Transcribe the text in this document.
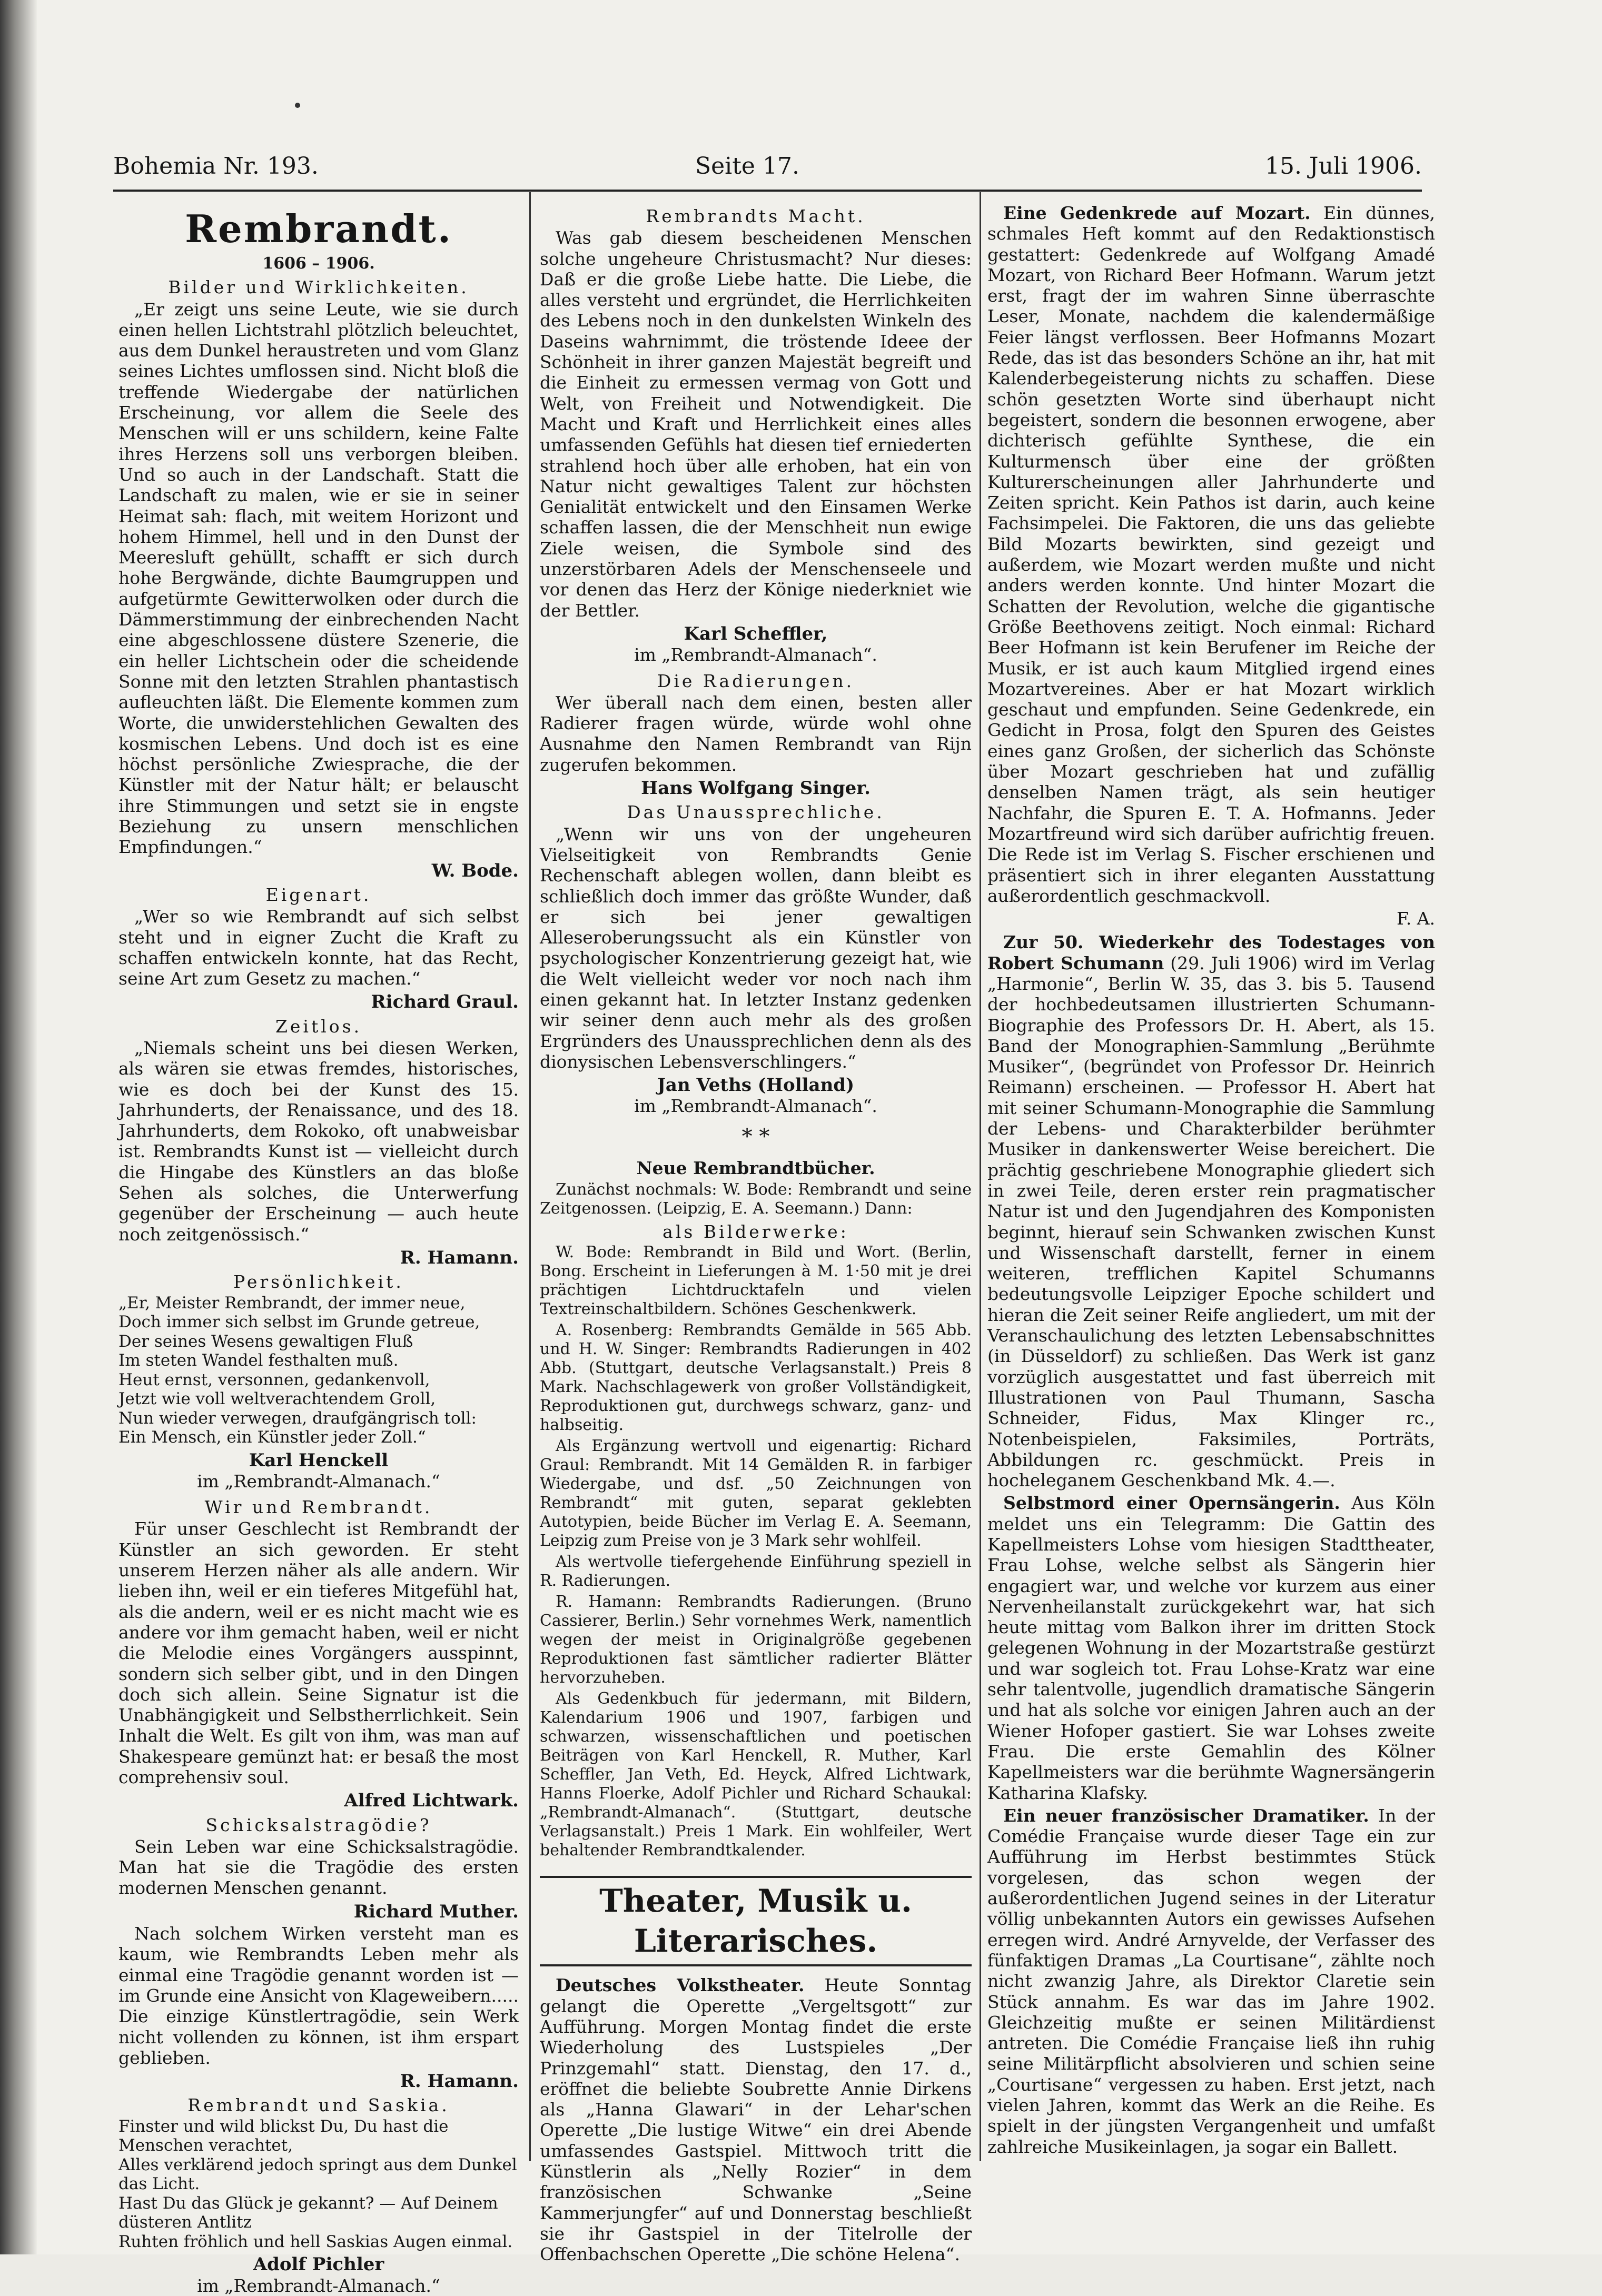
Bohemia Nr. 193.	Seite 17.	15. Juli 1906.
Rembrandt.
1606 – 1906.
Bilder und Wirklichkeiten.

„Er zeigt uns seine Leute, wie sie durch einen hellen Lichtstrahl plötzlich beleuchtet, aus dem Dunkel heraustreten und vom Glanz seines Lichtes umflossen sind. Nicht bloß die treffende Wiedergabe der natürlichen Erscheinung, vor allem die Seele des Menschen will er uns schildern, keine Falte ihres Herzens soll uns verborgen bleiben. Und so auch in der Landschaft. Statt die Landschaft zu malen, wie er sie in seiner Heimat sah: flach, mit weitem Horizont und hohem Himmel, hell und in den Dunst der Meeresluft gehüllt, schafft er sich durch hohe Bergwände, dichte Baumgruppen und aufgetürmte Gewitterwolken oder durch die Dämmerstimmung der einbrechenden Nacht eine abgeschlossene düstere Szenerie, die ein heller Lichtschein oder die scheidende Sonne mit den letzten Strahlen phantastisch aufleuchten läßt. Die Elemente kommen zum Worte, die unwiderstehlichen Gewalten des kosmischen Lebens. Und doch ist es eine höchst persönliche Zwiesprache, die der Künstler mit der Natur hält; er belauscht ihre Stimmungen und setzt sie in engste Beziehung zu unsern menschlichen Empfindungen.“

W. Bode.
Eigenart.

„Wer so wie Rembrandt auf sich selbst steht und in eigner Zucht die Kraft zu schaffen entwickeln konnte, hat das Recht, seine Art zum Gesetz zu machen.“

Richard Graul.
Zeitlos.

„Niemals scheint uns bei diesen Werken, als wären sie etwas fremdes, historisches, wie es doch bei der Kunst des 15. Jahrhunderts, der Renaissance, und des 18. Jahrhunderts, dem Rokoko, oft unabweisbar ist. Rembrandts Kunst ist — vielleicht durch die Hingabe des Künstlers an das bloße Sehen als solches, die Unterwerfung gegenüber der Erscheinung — auch heute noch zeitgenössisch.“

R. Hamann.
Persönlichkeit.
„Er, Meister Rembrandt, der immer neue,
Doch immer sich selbst im Grunde getreue,
Der seines Wesens gewaltigen Fluß
Im steten Wandel festhalten muß.
Heut ernst, versonnen, gedankenvoll,
Jetzt wie voll weltverachtendem Groll,
Nun wieder verwegen, draufgängrisch toll:
Ein Mensch, ein Künstler jeder Zoll.“
Karl Henckell
im „Rembrandt-Almanach.“
Wir und Rembrandt.

Für unser Geschlecht ist Rembrandt der Künstler an sich geworden. Er steht unserem Herzen näher als alle andern. Wir lieben ihn, weil er ein tieferes Mitgefühl hat, als die andern, weil er es nicht macht wie es andere vor ihm gemacht haben, weil er nicht die Melodie eines Vorgängers ausspinnt, sondern sich selber gibt, und in den Dingen doch sich allein. Seine Signatur ist die Unabhängigkeit und Selbstherrlichkeit. Sein Inhalt die Welt. Es gilt von ihm, was man auf Shakespeare gemünzt hat: er besaß the most comprehensiv soul.

Alfred Lichtwark.
Schicksalstragödie?

Sein Leben war eine Schicksalstragödie. Man hat sie die Tragödie des ersten modernen Menschen genannt.

Richard Muther.

Nach solchem Wirken versteht man es kaum, wie Rembrandts Leben mehr als einmal eine Tragödie genannt worden ist — im Grunde eine Ansicht von Klageweibern..... Die einzige Künstlertragödie, sein Werk nicht vollenden zu können, ist ihm erspart geblieben.

R. Hamann.
Rembrandt und Saskia.
Finster und wild blickst Du, Du hast die Menschen verachtet,
Alles verklärend jedoch springt aus dem Dunkel das Licht.
Hast Du das Glück je gekannt? — Auf Deinem düsteren Antlitz
Ruhten fröhlich und hell Saskias Augen einmal.
Adolf Pichler
im „Rembrandt-Almanach.“
Rembrandts Macht.

Was gab diesem bescheidenen Menschen solche ungeheure Christusmacht? Nur dieses: Daß er die große Liebe hatte. Die Liebe, die alles versteht und ergründet, die Herrlichkeiten des Lebens noch in den dunkelsten Winkeln des Daseins wahrnimmt, die tröstende Ideee der Schönheit in ihrer ganzen Majestät begreift und die Einheit zu ermessen vermag von Gott und Welt, von Freiheit und Notwendigkeit. Die Macht und Kraft und Herrlichkeit eines alles umfassenden Gefühls hat diesen tief erniederten strahlend hoch über alle erhoben, hat ein von Natur nicht gewaltiges Talent zur höchsten Genialität entwickelt und den Einsamen Werke schaffen lassen, die der Menschheit nun ewige Ziele weisen, die Symbole sind des unzerstörbaren Adels der Menschenseele und vor denen das Herz der Könige niederkniet wie der Bettler.

Karl Scheffler,
im „Rembrandt-Almanach“.
Die Radierungen.

Wer überall nach dem einen, besten aller Radierer fragen würde, würde wohl ohne Ausnahme den Namen Rembrandt van Rijn zugerufen bekommen.

Hans Wolfgang Singer.
Das Unaussprechliche.

„Wenn wir uns von der ungeheuren Vielseitigkeit von Rembrandts Genie Rechenschaft ablegen wollen, dann bleibt es schließlich doch immer das größte Wunder, daß er sich bei jener gewaltigen Alleseroberungssucht als ein Künstler von psychologischer Konzentrierung gezeigt hat, wie die Welt vielleicht weder vor noch nach ihm einen gekannt hat. In letzter Instanz gedenken wir seiner denn auch mehr als des großen Ergründers des Unaussprechlichen denn als des dionysischen Lebensverschlingers.“

Jan Veths (Holland)
im „Rembrandt-Almanach“.
* *
Neue Rembrandtbücher.

Zunächst nochmals: W. Bode: Rembrandt und seine Zeitgenossen. (Leipzig, E. A. Seemann.) Dann:

als Bilderwerke:

W. Bode: Rembrandt in Bild und Wort. (Berlin, Bong. Erscheint in Lieferungen à M. 1·50 mit je drei prächtigen Lichtdrucktafeln und vielen Textreinschaltbildern. Schönes Geschenkwerk.

A. Rosenberg: Rembrandts Gemälde in 565 Abb. und H. W. Singer: Rembrandts Radierungen in 402 Abb. (Stuttgart, deutsche Verlagsanstalt.) Preis 8 Mark. Nachschlagewerk von großer Vollständigkeit, Reproduktionen gut, durchwegs schwarz, ganz- und halbseitig.

Als Ergänzung wertvoll und eigenartig: Richard Graul: Rembrandt. Mit 14 Gemälden R. in farbiger Wiedergabe, und dsf. „50 Zeichnungen von Rembrandt“ mit guten, separat geklebten Autotypien, beide Bücher im Verlag E. A. Seemann, Leipzig zum Preise von je 3 Mark sehr wohlfeil.

Als wertvolle tiefergehende Einführung speziell in R. Radierungen.

R. Hamann: Rembrandts Radierungen. (Bruno Cassierer, Berlin.) Sehr vornehmes Werk, namentlich wegen der meist in Originalgröße gegebenen Reproduktionen fast sämtlicher radierter Blätter hervorzuheben.

Als Gedenkbuch für jedermann, mit Bildern, Kalendarium 1906 und 1907, farbigen und schwarzen, wissenschaftlichen und poetischen Beiträgen von Karl Henckell, R. Muther, Karl Scheffler, Jan Veth, Ed. Heyck, Alfred Lichtwark, Hanns Floerke, Adolf Pichler und Richard Schaukal: „Rembrandt-Almanach“. (Stuttgart, deutsche Verlagsanstalt.) Preis 1 Mark. Ein wohlfeiler, Wert behaltender Rembrandtkalender.

Theater, Musik u. Literarisches.

Deutsches Volkstheater. Heute Sonntag gelangt die Operette „Vergeltsgott“ zur Aufführung. Morgen Montag findet die erste Wiederholung des Lustspieles „Der Prinzgemahl“ statt. Dienstag, den 17. d., eröffnet die beliebte Soubrette Annie Dirkens als „Hanna Glawari“ in der Lehar'schen Operette „Die lustige Witwe“ ein drei Abende umfassendes Gastspiel. Mittwoch tritt die Künstlerin als „Nelly Rozier“ in dem französischen Schwanke „Seine Kammerjungfer“ auf und Donnerstag beschließt sie ihr Gastspiel in der Titelrolle der Offenbachschen Operette „Die schöne Helena“.

Eine Gedenkrede auf Mozart. Ein dünnes, schmales Heft kommt auf den Redaktionstisch gestattert: Gedenkrede auf Wolfgang Amadé Mozart, von Richard Beer Hofmann. Warum jetzt erst, fragt der im wahren Sinne überraschte Leser, Monate, nachdem die kalendermäßige Feier längst verflossen. Beer Hofmanns Mozart Rede, das ist das besonders Schöne an ihr, hat mit Kalenderbegeisterung nichts zu schaffen. Diese schön gesetzten Worte sind überhaupt nicht begeistert, sondern die besonnen erwogene, aber dichterisch gefühlte Synthese, die ein Kulturmensch über eine der größten Kulturerscheinungen aller Jahrhunderte und Zeiten spricht. Kein Pathos ist darin, auch keine Fachsimpelei. Die Faktoren, die uns das geliebte Bild Mozarts bewirkten, sind gezeigt und außerdem, wie Mozart werden mußte und nicht anders werden konnte. Und hinter Mozart die Schatten der Revolution, welche die gigantische Größe Beethovens zeitigt. Noch einmal: Richard Beer Hofmann ist kein Berufener im Reiche der Musik, er ist auch kaum Mitglied irgend eines Mozartvereines. Aber er hat Mozart wirklich geschaut und empfunden. Seine Gedenkrede, ein Gedicht in Prosa, folgt den Spuren des Geistes eines ganz Großen, der sicherlich das Schönste über Mozart geschrieben hat und zufällig denselben Namen trägt, als sein heutiger Nachfahr, die Spuren E. T. A. Hofmanns. Jeder Mozartfreund wird sich darüber aufrichtig freuen. Die Rede ist im Verlag S. Fischer erschienen und präsentiert sich in ihrer eleganten Ausstattung außerordentlich geschmackvoll.

F. A.

Zur 50. Wiederkehr des Todestages von Robert Schumann (29. Juli 1906) wird im Verlag „Harmonie“, Berlin W. 35, das 3. bis 5. Tausend der hochbedeutsamen illustrierten Schumann-Biographie des Professors Dr. H. Abert, als 15. Band der Monographien-Sammlung „Berühmte Musiker“, (begründet von Professor Dr. Heinrich Reimann) erscheinen. — Professor H. Abert hat mit seiner Schumann-Monographie die Sammlung der Lebens- und Charakterbilder berühmter Musiker in dankenswerter Weise bereichert. Die prächtig geschriebene Monographie gliedert sich in zwei Teile, deren erster rein pragmatischer Natur ist und den Jugendjahren des Komponisten beginnt, hierauf sein Schwanken zwischen Kunst und Wissenschaft darstellt, ferner in einem weiteren, trefflichen Kapitel Schumanns bedeutungsvolle Leipziger Epoche schildert und hieran die Zeit seiner Reife angliedert, um mit der Veranschaulichung des letzten Lebensabschnittes (in Düsseldorf) zu schließen. Das Werk ist ganz vorzüglich ausgestattet und fast überreich mit Illustrationen von Paul Thumann, Sascha Schneider, Fidus, Max Klinger rc., Notenbeispielen, Faksimiles, Porträts, Abbildungen rc. geschmückt. Preis in hocheleganem Geschenkband Mk. 4.—.

Selbstmord einer Opernsängerin. Aus Köln meldet uns ein Telegramm: Die Gattin des Kapellmeisters Lohse vom hiesigen Stadttheater, Frau Lohse, welche selbst als Sängerin hier engagiert war, und welche vor kurzem aus einer Nervenheilanstalt zurückgekehrt war, hat sich heute mittag vom Balkon ihrer im dritten Stock gelegenen Wohnung in der Mozartstraße gestürzt und war sogleich tot. Frau Lohse-Kratz war eine sehr talentvolle, jugendlich dramatische Sängerin und hat als solche vor einigen Jahren auch an der Wiener Hofoper gastiert. Sie war Lohses zweite Frau. Die erste Gemahlin des Kölner Kapellmeisters war die berühmte Wagnersängerin Katharina Klafsky.

Ein neuer französischer Dramatiker. In der Comédie Française wurde dieser Tage ein zur Aufführung im Herbst bestimmtes Stück vorgelesen, das schon wegen der außerordentlichen Jugend seines in der Literatur völlig unbekannten Autors ein gewisses Aufsehen erregen wird. André Arnyvelde, der Verfasser des fünfaktigen Dramas „La Courtisane“, zählte noch nicht zwanzig Jahre, als Direktor Claretie sein Stück annahm. Es war das im Jahre 1902. Gleichzeitig mußte er seinen Militärdienst antreten. Die Comédie Française ließ ihn ruhig seine Militärpflicht absolvieren und schien seine „Courtisane“ vergessen zu haben. Erst jetzt, nach vielen Jahren, kommt das Werk an die Reihe. Es spielt in der jüngsten Vergangenheit und umfaßt zahlreiche Musikeinlagen, ja sogar ein Ballett.
